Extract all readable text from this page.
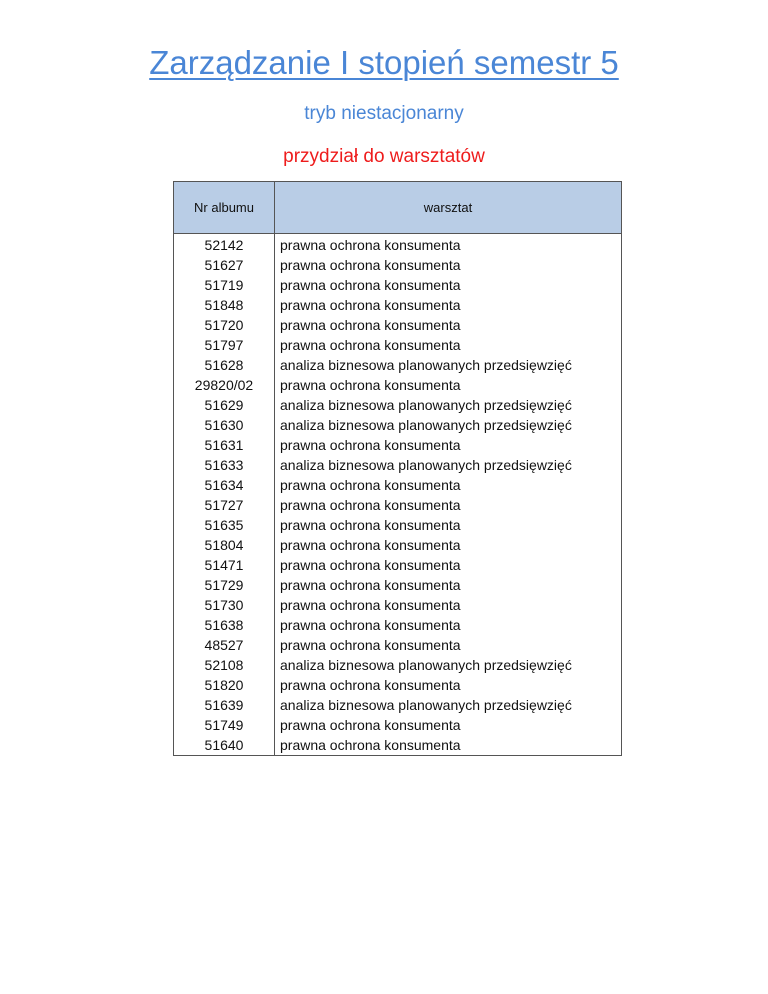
Zarządzanie I stopień semestr 5
tryb niestacjonarny
przydział do warsztatów
Nr albumu	warsztat
52142	prawna ochrona konsumenta
51627	prawna ochrona konsumenta
51719	prawna ochrona konsumenta
51848	prawna ochrona konsumenta
51720	prawna ochrona konsumenta
51797	prawna ochrona konsumenta
51628	analiza biznesowa planowanych przedsięwzięć
29820/02	prawna ochrona konsumenta
51629	analiza biznesowa planowanych przedsięwzięć
51630	analiza biznesowa planowanych przedsięwzięć
51631	prawna ochrona konsumenta
51633	analiza biznesowa planowanych przedsięwzięć
51634	prawna ochrona konsumenta
51727	prawna ochrona konsumenta
51635	prawna ochrona konsumenta
51804	prawna ochrona konsumenta
51471	prawna ochrona konsumenta
51729	prawna ochrona konsumenta
51730	prawna ochrona konsumenta
51638	prawna ochrona konsumenta
48527	prawna ochrona konsumenta
52108	analiza biznesowa planowanych przedsięwzięć
51820	prawna ochrona konsumenta
51639	analiza biznesowa planowanych przedsięwzięć
51749	prawna ochrona konsumenta
51640	prawna ochrona konsumenta
